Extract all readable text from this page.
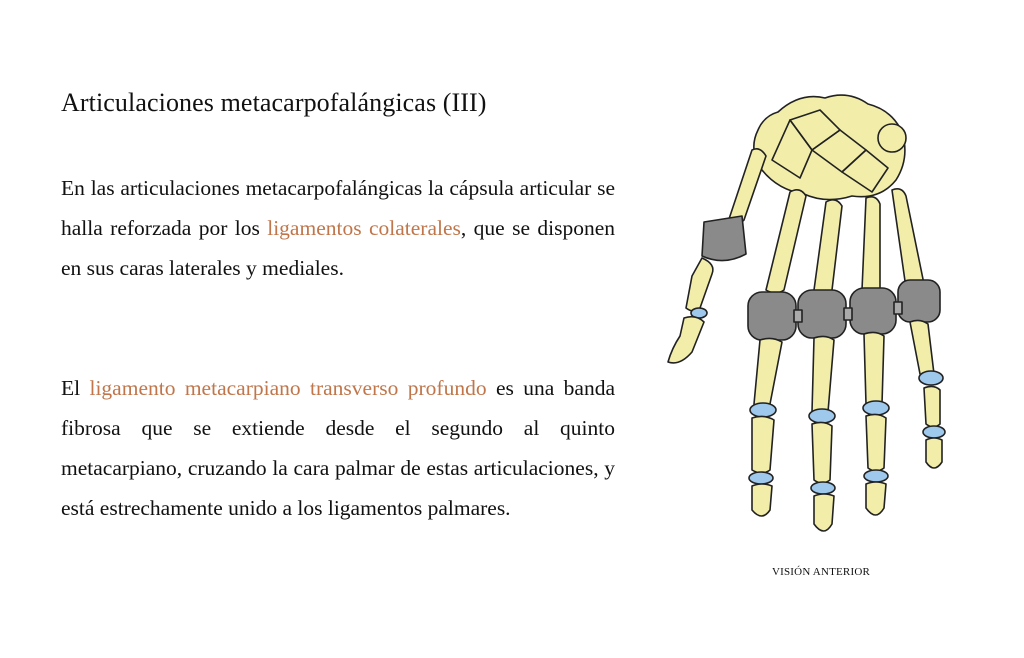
Articulaciones metacarpofalángicas (III)

En las articulaciones metacarpofalángicas la cápsula articular se halla reforzada por los ligamentos colaterales, que se disponen en sus caras laterales y mediales.

El ligamento metacarpiano transverso profundo es una banda fibrosa que se extiende desde el segundo al quinto metacarpiano, cruzando la cara palmar de estas articulaciones, y está estrechamente unido a los ligamentos palmares.

VISIÓN ANTERIOR
